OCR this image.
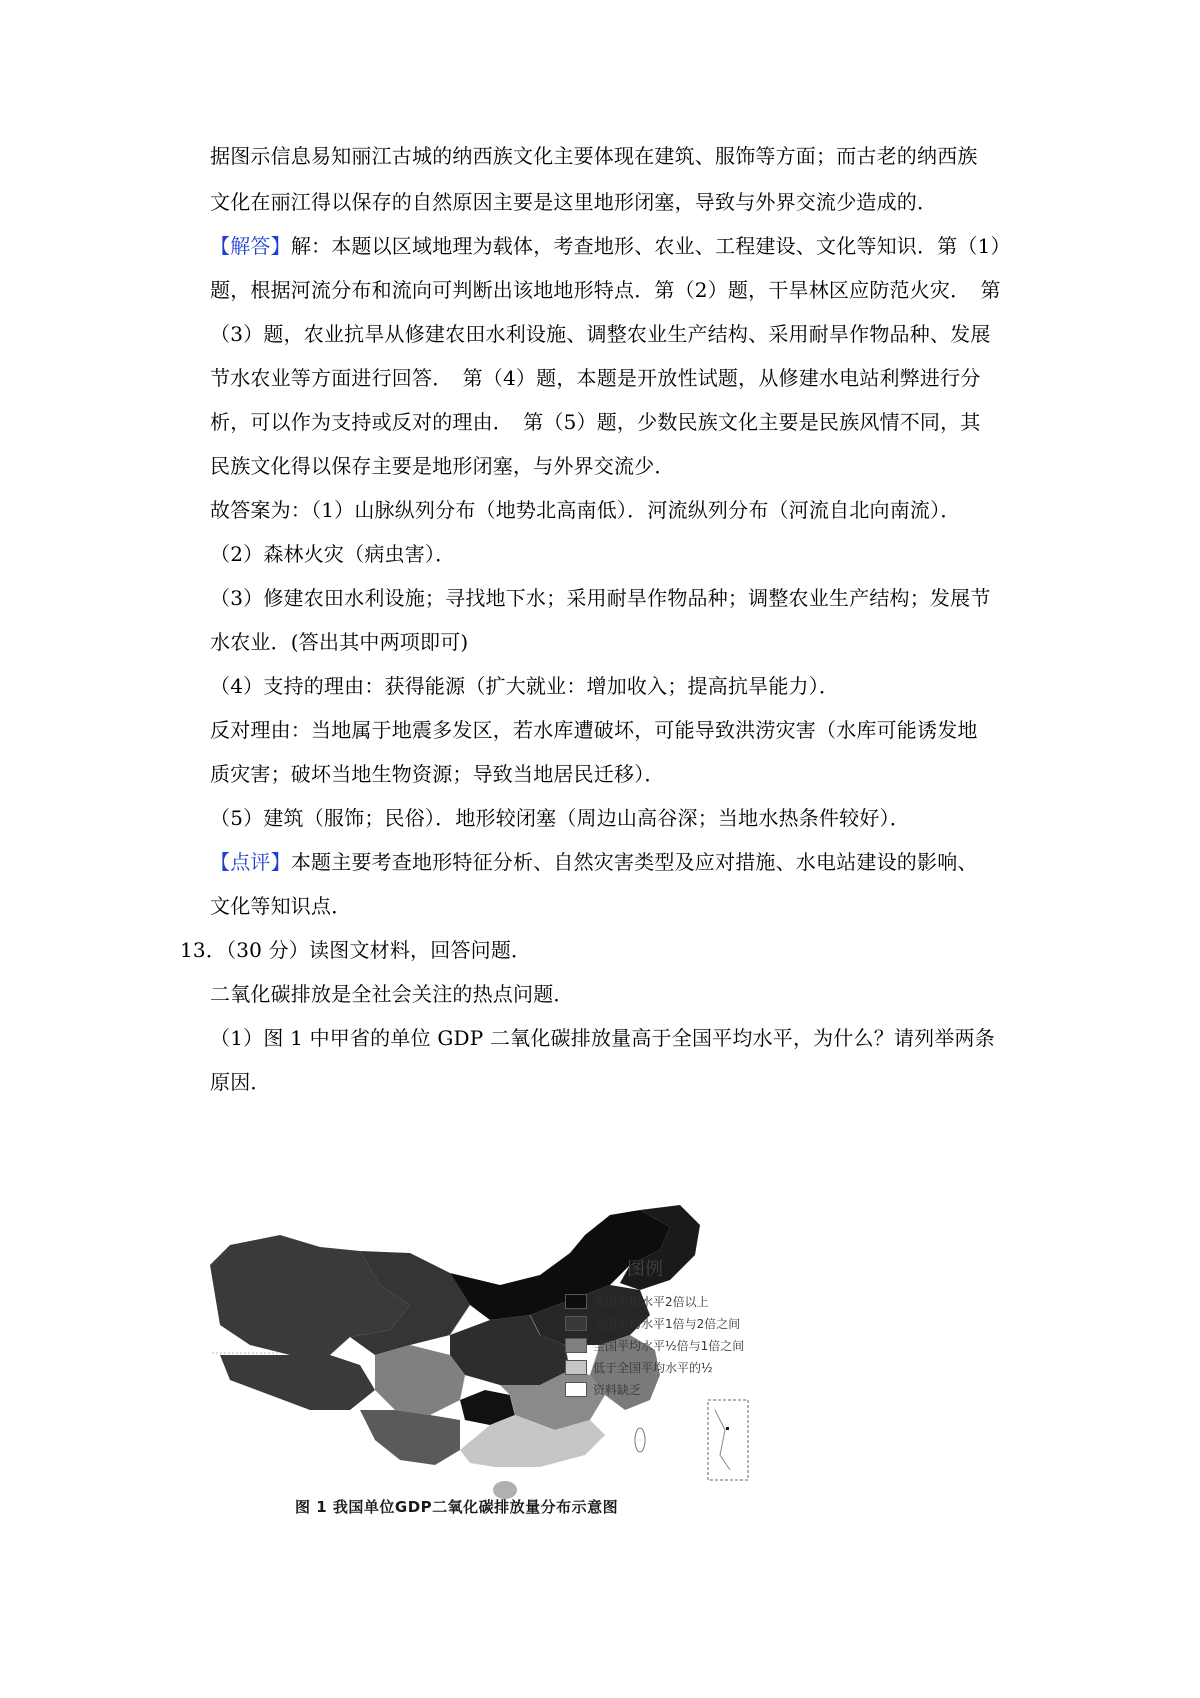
据图示信息易知丽江古城的纳西族文化主要体现在建筑、服饰等方面；而古老的纳西族
文化在丽江得以保存的自然原因主要是这里地形闭塞，导致与外界交流少造成的．
【解答】解：本题以区域地理为载体，考查地形、农业、工程建设、文化等知识．第（1）
题，根据河流分布和流向可判断出该地地形特点．第（2）题，干旱林区应防范火灾．　第
（3）题，农业抗旱从修建农田水利设施、调整农业生产结构、采用耐旱作物品种、发展
节水农业等方面进行回答．　第（4）题，本题是开放性试题，从修建水电站利弊进行分
析，可以作为支持或反对的理由．　第（5）题，少数民族文化主要是民族风情不同，其
民族文化得以保存主要是地形闭塞，与外界交流少．
故答案为：（1）山脉纵列分布（地势北高南低）．河流纵列分布（河流自北向南流）．
（2）森林火灾（病虫害）．
（3）修建农田水利设施；寻找地下水；采用耐旱作物品种；调整农业生产结构；发展节
水农业．(答出其中两项即可)
（4）支持的理由：获得能源（扩大就业：增加收入；提高抗旱能力）．
反对理由：当地属于地震多发区，若水库遭破坏，可能导致洪涝灾害（水库可能诱发地
质灾害；破坏当地生物资源；导致当地居民迁移）．
（5）建筑（服饰；民俗）．地形较闭塞（周边山高谷深；当地水热条件较好）．
【点评】本题主要考查地形特征分析、自然灾害类型及应对措施、水电站建设的影响、
文化等知识点．
13．（30 分）读图文材料，回答问题．
二氧化碳排放是全社会关注的热点问题．
（1）图 1 中甲省的单位 GDP 二氧化碳排放量高于全国平均水平，为什么？请列举两条
原因．
图例
全国平均水平2倍以上
全国平均水平1倍与2倍之间
全国平均水平½倍与1倍之间
低于全国平均水平的½
资料缺乏
图 1 我国单位GDP二氧化碳排放量分布示意图
